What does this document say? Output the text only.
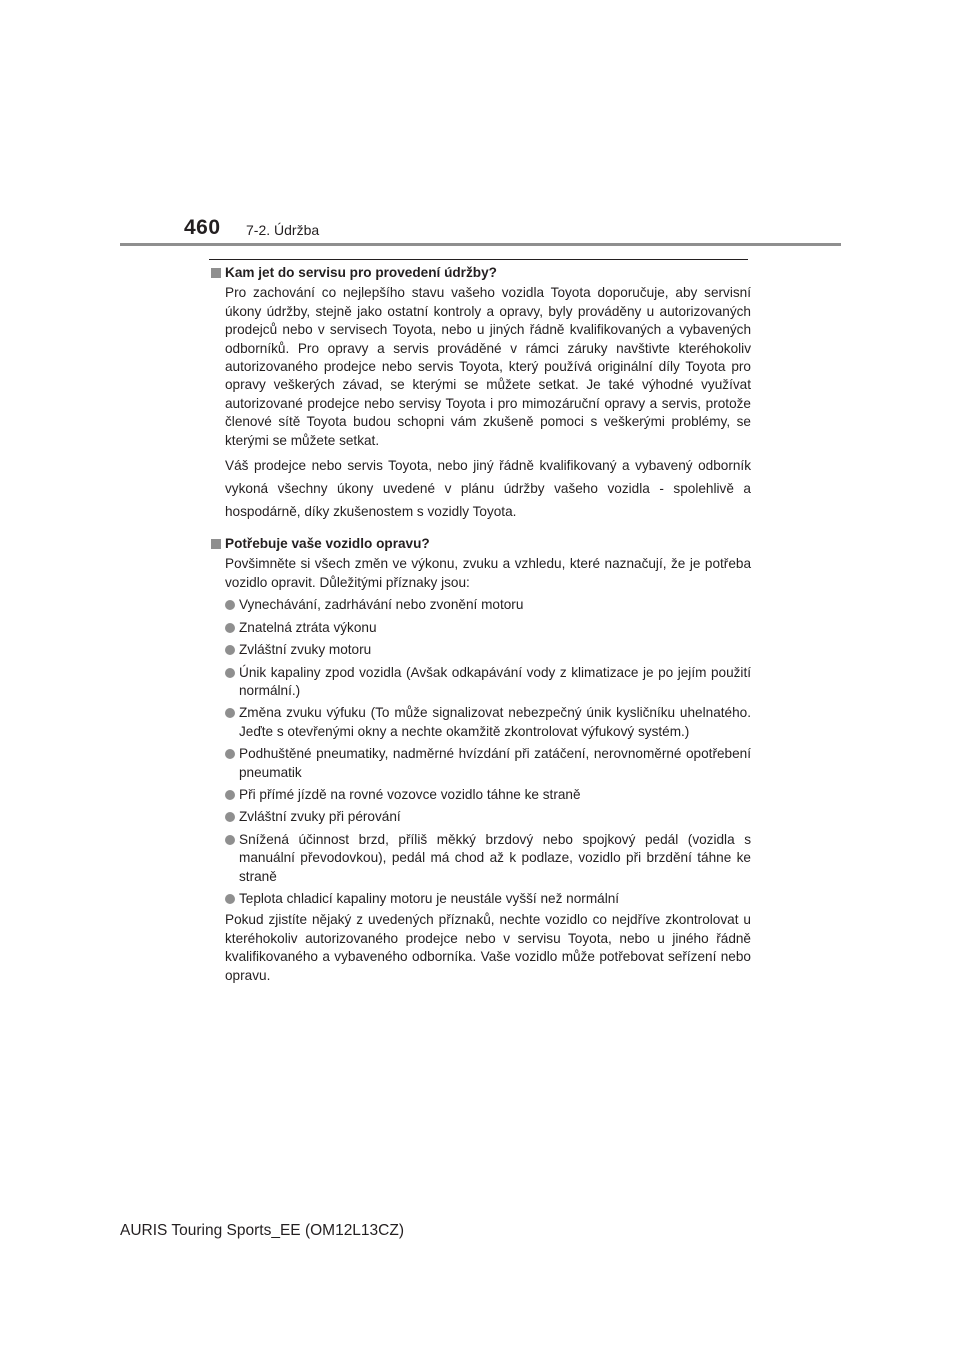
460 7-2. Údržba
Kam jet do servisu pro provedení údržby?

Pro zachování co nejlepšího stavu vašeho vozidla Toyota doporučuje, aby servisní úkony údržby, stejně jako ostatní kontroly a opravy, byly prováděny u autorizovaných prodejců nebo v servisech Toyota, nebo u jiných řádně kvalifikovaných a vybavených odborníků. Pro opravy a servis prováděné v rámci záruky navštivte kteréhokoliv autorizovaného prodejce nebo servis Toyota, který používá originální díly Toyota pro opravy veškerých závad, se kterými se můžete setkat. Je také výhodné využívat autorizované prodejce nebo servisy Toyota i pro mimozáruční opravy a servis, protože členové sítě Toyota budou schopni vám zkušeně pomoci s veškerými problémy, se kterými se můžete setkat.

Váš prodejce nebo servis Toyota, nebo jiný řádně kvalifikovaný a vybavený odborník vykoná všechny úkony uvedené v plánu údržby vašeho vozidla - spolehlivě a hospodárně, díky zkušenostem s vozidly Toyota.

Potřebuje vaše vozidlo opravu?

Povšimněte si všech změn ve výkonu, zvuku a vzhledu, které naznačují, že je potřeba vozidlo opravit. Důležitými příznaky jsou:

Vynechávání, zadrhávání nebo zvonění motoru
Znatelná ztráta výkonu
Zvláštní zvuky motoru
Únik kapaliny zpod vozidla (Avšak odkapávání vody z klimatizace je po jejím použití normální.)
Změna zvuku výfuku (To může signalizovat nebezpečný únik kysličníku uhelnatého. Jeďte s otevřenými okny a nechte okamžitě zkontrolovat výfukový systém.)
Podhuštěné pneumatiky, nadměrné hvízdání při zatáčení, nerovnoměrné opotřebení pneumatik
Při přímé jízdě na rovné vozovce vozidlo táhne ke straně
Zvláštní zvuky při pérování
Snížená účinnost brzd, příliš měkký brzdový nebo spojkový pedál (vozidla s manuální převodovkou), pedál má chod až k podlaze, vozidlo při brzdění táhne ke straně
Teplota chladicí kapaliny motoru je neustále vyšší než normální

Pokud zjistíte nějaký z uvedených příznaků, nechte vozidlo co nejdříve zkontrolovat u kteréhokoliv autorizovaného prodejce nebo v servisu Toyota, nebo u jiného řádně kvalifikovaného a vybaveného odborníka. Vaše vozidlo může potřebovat seřízení nebo opravu.

AURIS Touring Sports_EE (OM12L13CZ)
